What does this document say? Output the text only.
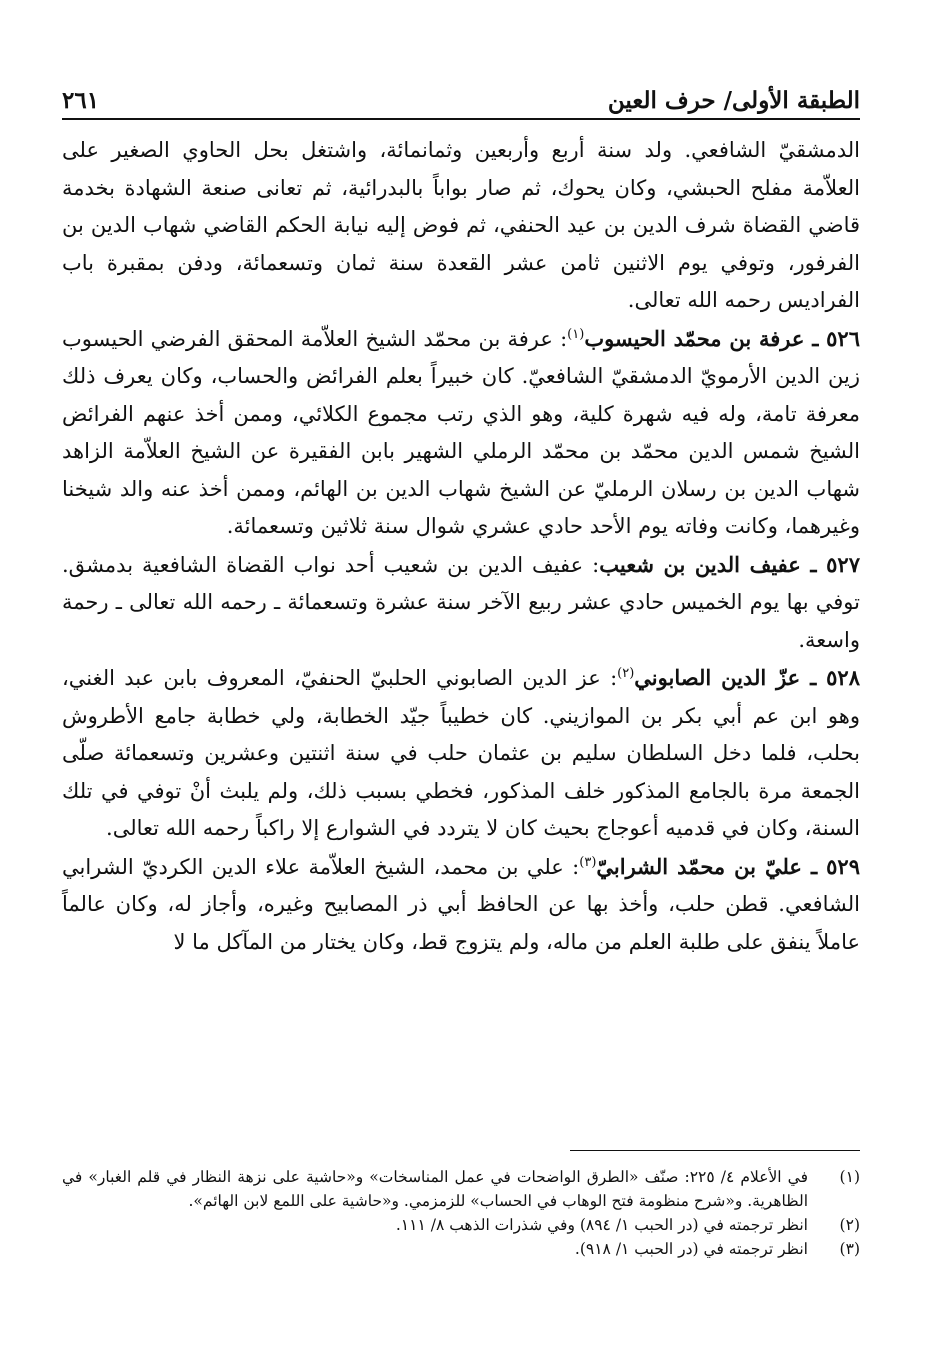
الطبقة الأولى/ حرف العين
٢٦١

الدمشقيّ الشافعي. ولد سنة أربع وأربعين وثمانمائة، واشتغل بحل الحاوي الصغير على العلاّمة مفلح الحبشي، وكان يحوك، ثم صار بواباً بالبدرائية، ثم تعانى صنعة الشهادة بخدمة قاضي القضاة شرف الدين بن عيد الحنفي، ثم فوض إليه نيابة الحكم القاضي شهاب الدين بن الفرفور، وتوفي يوم الاثنين ثامن عشر القعدة سنة ثمان وتسعمائة، ودفن بمقبرة باب الفراديس رحمه الله تعالى.

٥٢٦ ـ عرفة بن محمّد الحيسوب$^{(١)}$: عرفة بن محمّد الشيخ العلاّمة المحقق الفرضي الحيسوب زين الدين الأرمويّ الدمشقيّ الشافعيّ. كان خبيراً بعلم الفرائض والحساب، وكان يعرف ذلك معرفة تامة، وله فيه شهرة كلية، وهو الذي رتب مجموع الكلائي، وممن أخذ عنهم الفرائض الشيخ شمس الدين محمّد بن محمّد الرملي الشهير بابن الفقيرة عن الشيخ العلاّمة الزاهد شهاب الدين بن رسلان الرمليّ عن الشيخ شهاب الدين بن الهائم، وممن أخذ عنه والد شيخنا وغيرهما، وكانت وفاته يوم الأحد حادي عشري شوال سنة ثلاثين وتسعمائة.

٥٢٧ ـ عفيف الدين بن شعيب: عفيف الدين بن شعيب أحد نواب القضاة الشافعية بدمشق. توفي بها يوم الخميس حادي عشر ربيع الآخر سنة عشرة وتسعمائة ـ رحمه الله تعالى ـ رحمة واسعة.

٥٢٨ ـ عزّ الدين الصابوني$^{(٢)}$: عز الدين الصابوني الحلبيّ الحنفيّ، المعروف بابن عبد الغني، وهو ابن عم أبي بكر بن الموازيني. كان خطيباً جيّد الخطابة، ولي خطابة جامع الأطروش بحلب، فلما دخل السلطان سليم بن عثمان حلب في سنة اثنتين وعشرين وتسعمائة صلّى الجمعة مرة بالجامع المذكور خلف المذكور، فخطي بسبب ذلك، ولم يلبث أنْ توفي في تلك السنة، وكان في قدميه أعوجاج بحيث كان لا يتردد في الشوارع إلا راكباً رحمه الله تعالى.

٥٢٩ ـ عليّ بن محمّد الشرابيّ$^{(٣)}$: علي بن محمد، الشيخ العلاّمة علاء الدين الكرديّ الشرابي الشافعي. قطن حلب، وأخذ بها عن الحافظ أبي ذر المصابيح وغيره، وأجاز له، وكان عالماً عاملاً ينفق على طلبة العلم من ماله، ولم يتزوج قط، وكان يختار من المآكل ما لا

(١)
في الأعلام ٤/ ٢٢٥: صنّف «الطرق الواضحات في عمل المناسخات» و«حاشية على نزهة النظار في قلم الغبار» في الظاهرية. و«شرح منظومة فتح الوهاب في الحساب» للزمزمي. و«حاشية على اللمع لابن الهائم».
(٢)
انظر ترجمته في (در الحبب ١/ ٨٩٤) وفي شذرات الذهب ٨/ ١١١.
(٣)
انظر ترجمته في (در الحبب ١/ ٩١٨).
